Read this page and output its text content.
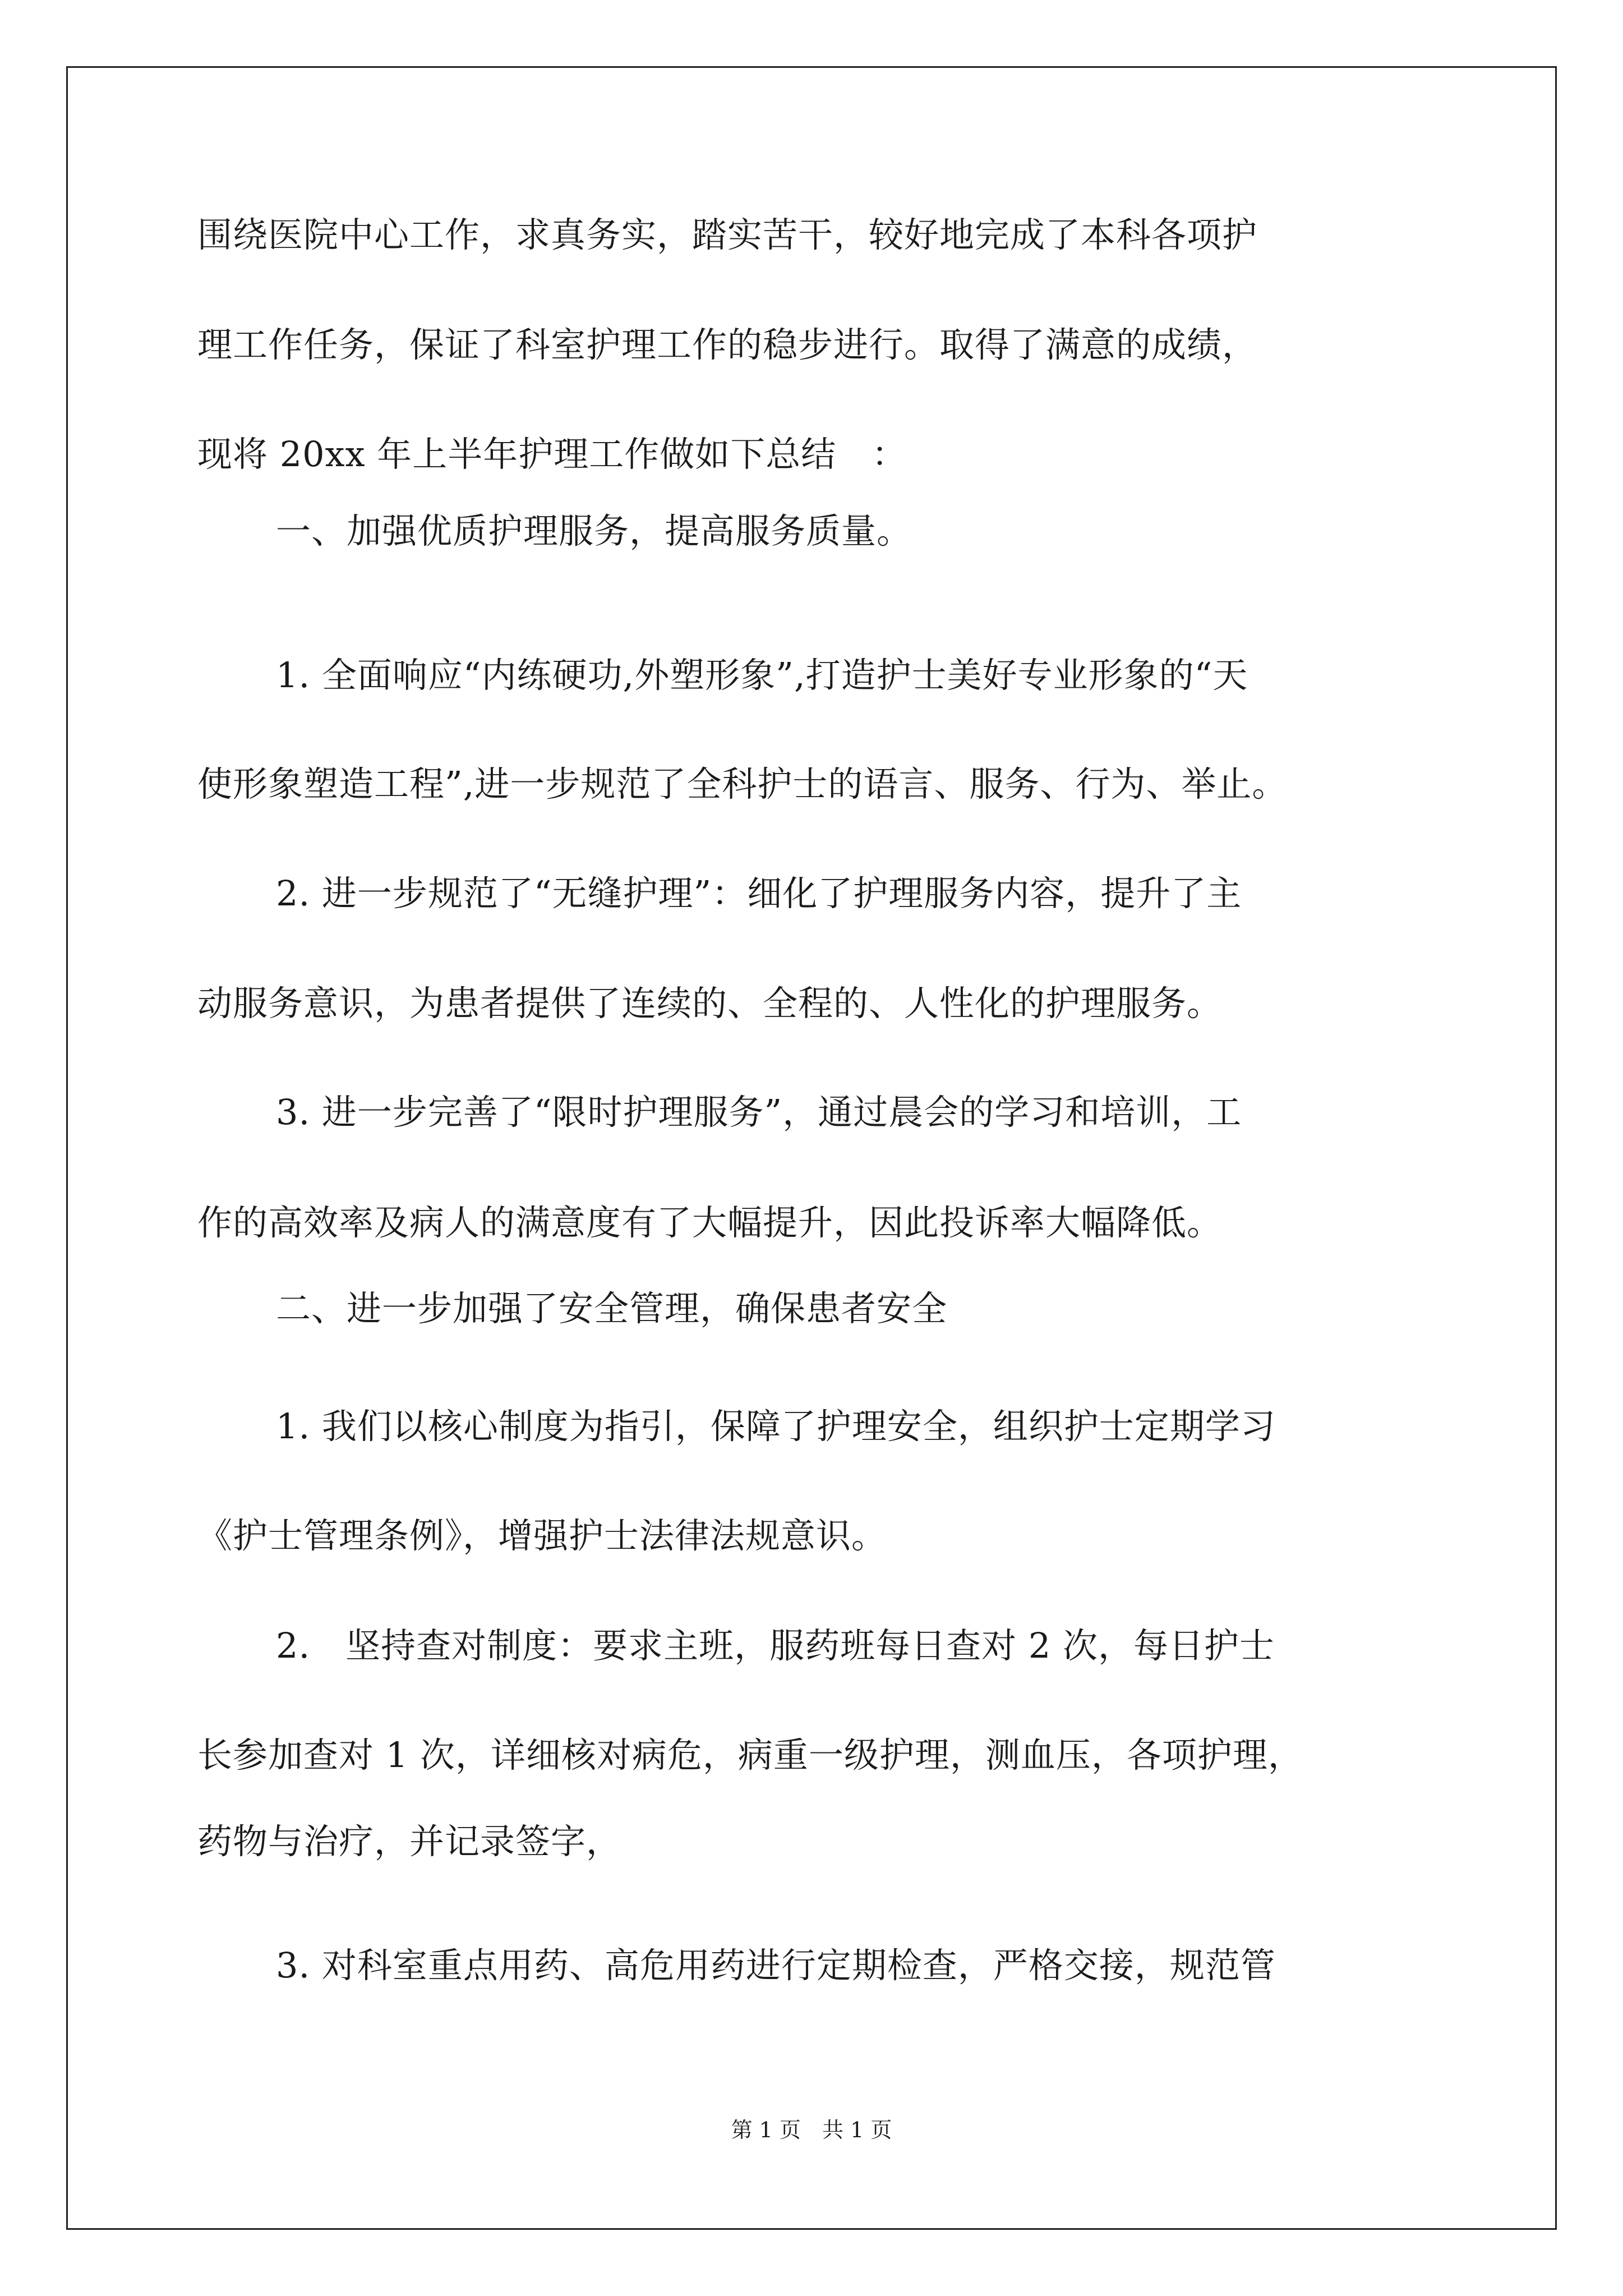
围绕医院中心工作，求真务实，踏实苦干，较好地完成了本科各项护
理工作任务，保证了科室护理工作的稳步进行。取得了满意的成绩，
现将 20xx 年上半年护理工作做如下总结　：
一、加强优质护理服务，提高服务质量。
1. 全面响应“内练硬功,外塑形象”,打造护士美好专业形象的“天
使形象塑造工程”,进一步规范了全科护士的语言、服务、行为、举止。
2. 进一步规范了“无缝护理”：细化了护理服务内容，提升了主
动服务意识，为患者提供了连续的、全程的、人性化的护理服务。
3. 进一步完善了“限时护理服务”，通过晨会的学习和培训，工
作的高效率及病人的满意度有了大幅提升，因此投诉率大幅降低。
二、进一步加强了安全管理，确保患者安全
1. 我们以核心制度为指引，保障了护理安全，组织护士定期学习
《护士管理条例》，增强护士法律法规意识。
2.　坚持查对制度：要求主班，服药班每日查对 2 次，每日护士
长参加查对 1 次，详细核对病危，病重一级护理，测血压，各项护理，
药物与治疗，并记录签字，
3. 对科室重点用药、高危用药进行定期检查，严格交接，规范管
第 1 页　共 1 页
